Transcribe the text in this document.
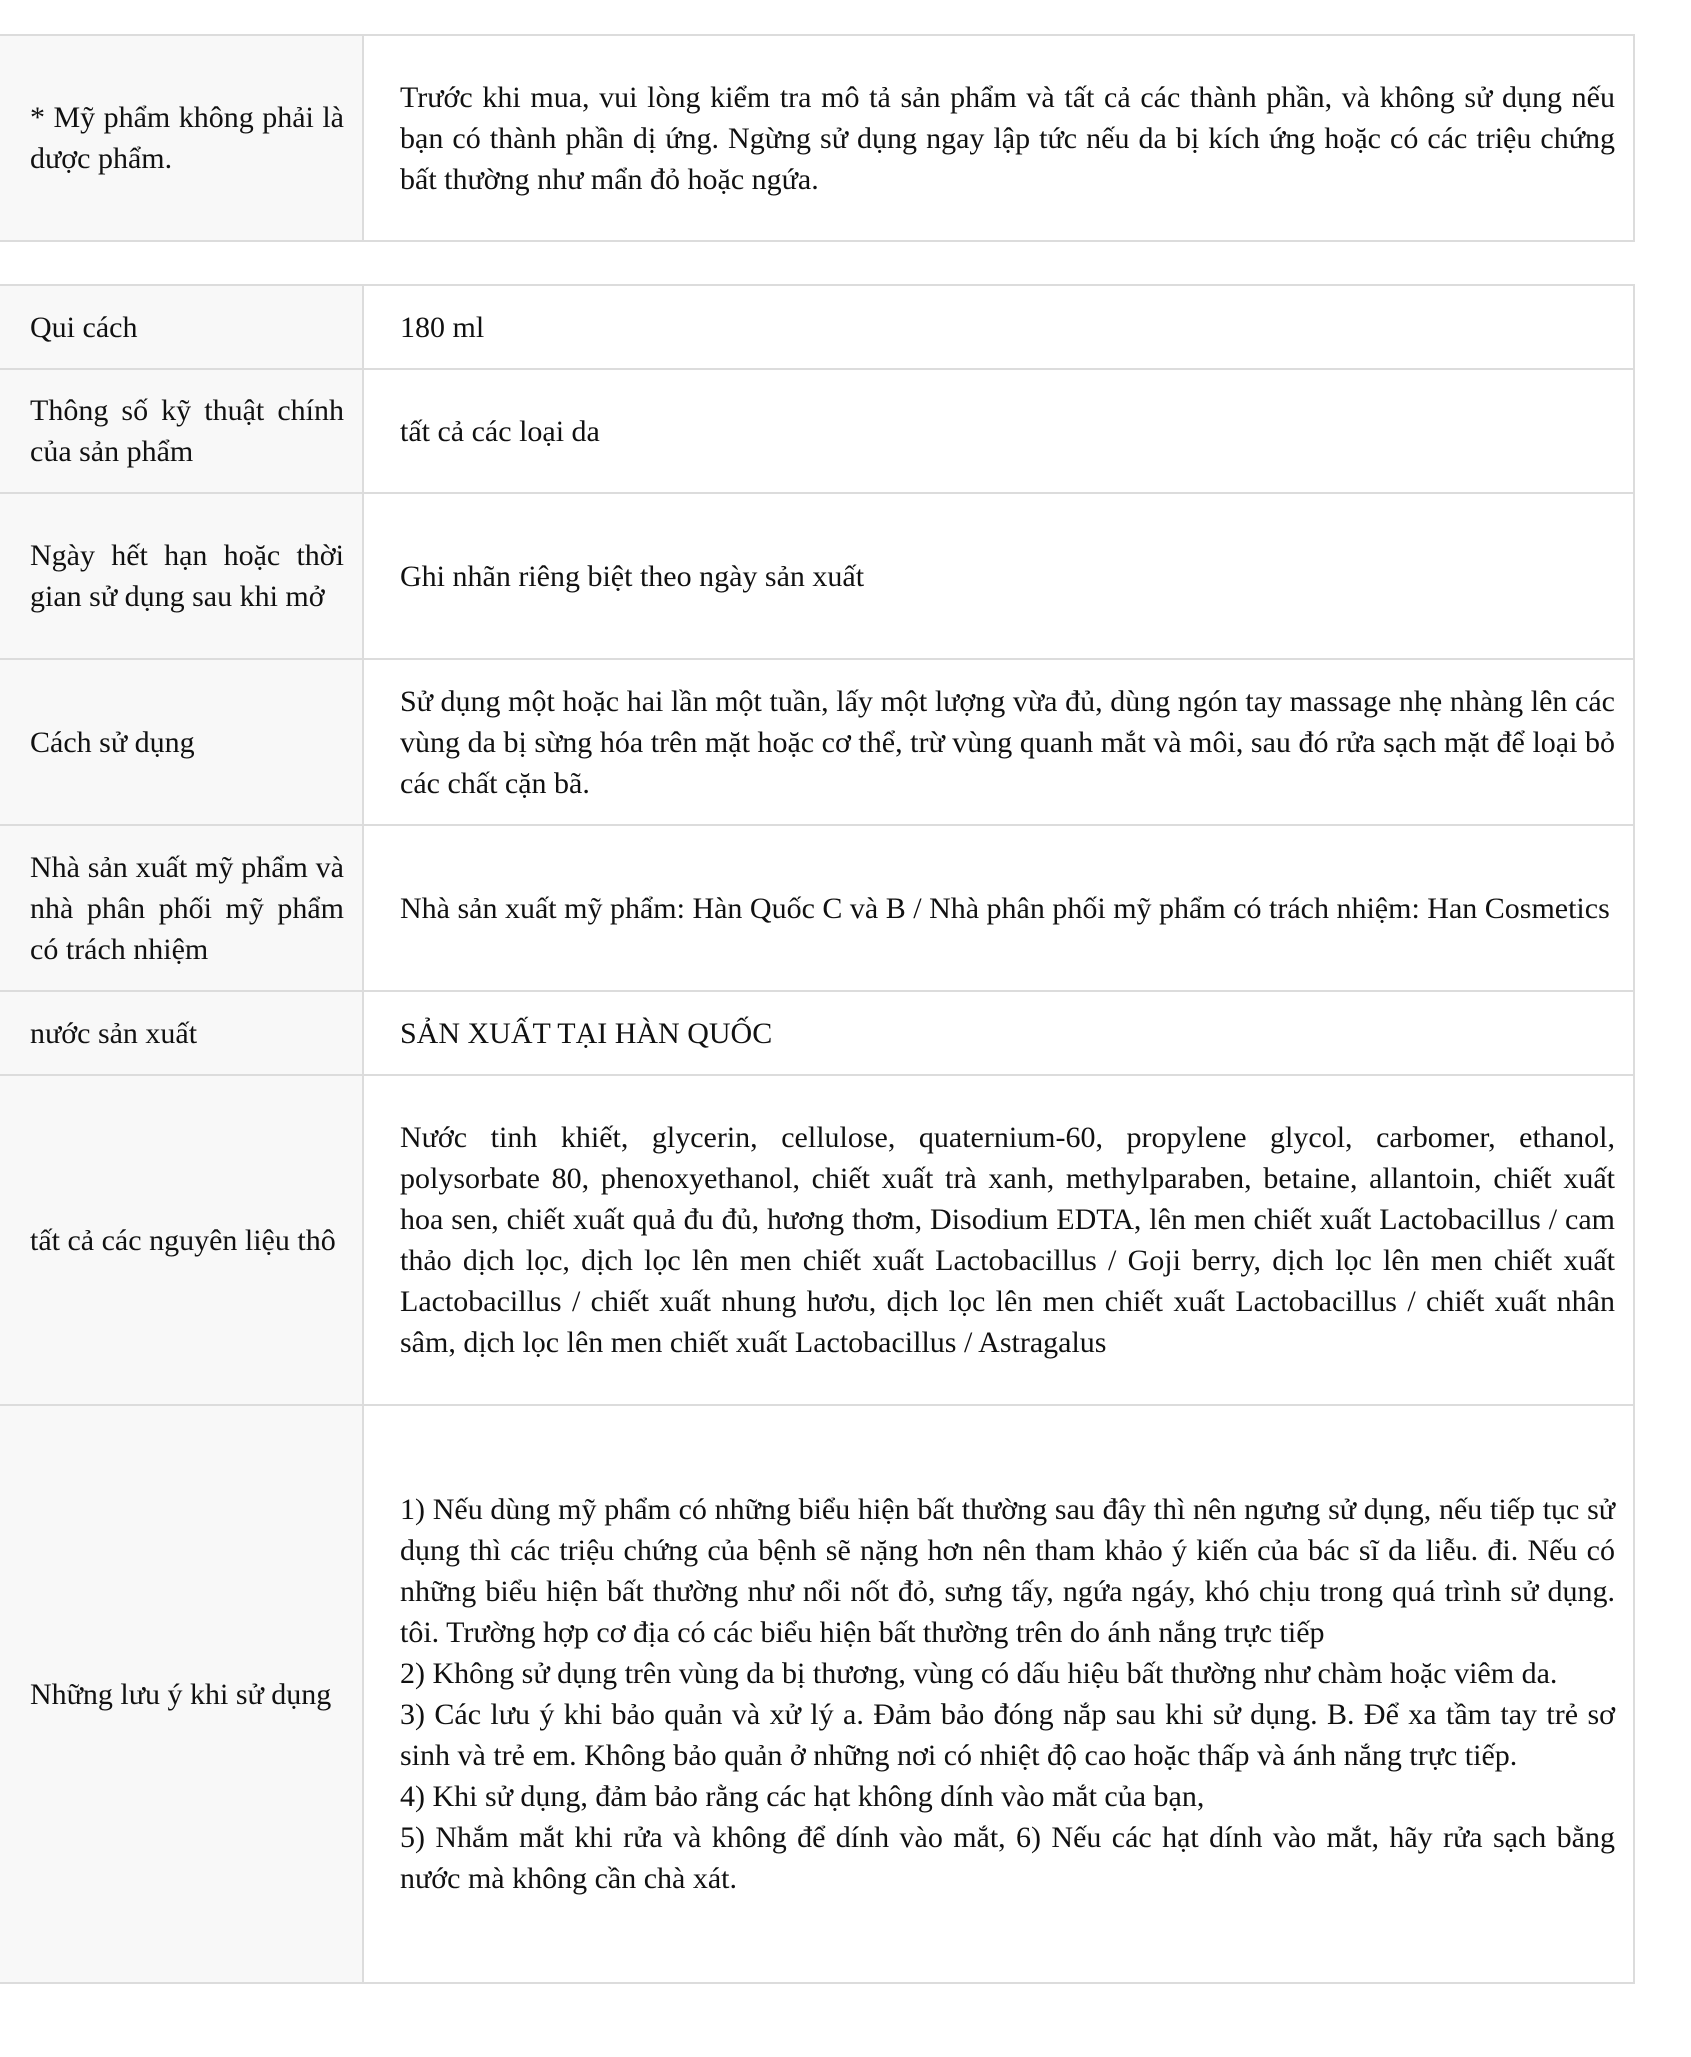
* Mỹ phẩm không phải là dược phẩm.	Trước khi mua, vui lòng kiểm tra mô tả sản phẩm và tất cả các thành phần, và không sử dụng nếu bạn có thành phần dị ứng. Ngừng sử dụng ngay lập tức nếu da bị kích ứng hoặc có các triệu chứng bất thường như mẩn đỏ hoặc ngứa.
Qui cách	180 ml
Thông số kỹ thuật chính của sản phẩm	tất cả các loại da
Ngày hết hạn hoặc thời gian sử dụng sau khi mở	Ghi nhãn riêng biệt theo ngày sản xuất
Cách sử dụng	Sử dụng một hoặc hai lần một tuần, lấy một lượng vừa đủ, dùng ngón tay massage nhẹ nhàng lên các vùng da bị sừng hóa trên mặt hoặc cơ thể, trừ vùng quanh mắt và môi, sau đó rửa sạch mặt để loại bỏ các chất cặn bã.
Nhà sản xuất mỹ phẩm và nhà phân phối mỹ phẩm có trách nhiệm	Nhà sản xuất mỹ phẩm: Hàn Quốc C và B / Nhà phân phối mỹ phẩm có trách nhiệm: Han Cosmetics
nước sản xuất	SẢN XUẤT TẠI HÀN QUỐC
tất cả các nguyên liệu thô	Nước tinh khiết, glycerin, cellulose, quaternium-60, propylene glycol, carbomer, ethanol, polysorbate 80, phenoxyethanol, chiết xuất trà xanh, methylparaben, betaine, allantoin, chiết xuất hoa sen, chiết xuất quả đu đủ, hương thơm, Disodium EDTA, lên men chiết xuất Lactobacillus / cam thảo dịch lọc, dịch lọc lên men chiết xuất Lactobacillus / Goji berry, dịch lọc lên men chiết xuất Lactobacillus / chiết xuất nhung hươu, dịch lọc lên men chiết xuất Lactobacillus / chiết xuất nhân sâm, dịch lọc lên men chiết xuất Lactobacillus / Astragalus
Những lưu ý khi sử dụng	1) Nếu dùng mỹ phẩm có những biểu hiện bất thường sau đây thì nên ngưng sử dụng, nếu tiếp tục sử dụng thì các triệu chứng của bệnh sẽ nặng hơn nên tham khảo ý kiến của bác sĩ da liễu. đi. Nếu có những biểu hiện bất thường như nổi nốt đỏ, sưng tấy, ngứa ngáy, khó chịu trong quá trình sử dụng. tôi. Trường hợp cơ địa có các biểu hiện bất thường trên do ánh nắng trực tiếp
2) Không sử dụng trên vùng da bị thương, vùng có dấu hiệu bất thường như chàm hoặc viêm da.
3) Các lưu ý khi bảo quản và xử lý a. Đảm bảo đóng nắp sau khi sử dụng. B. Để xa tầm tay trẻ sơ sinh và trẻ em. Không bảo quản ở những nơi có nhiệt độ cao hoặc thấp và ánh nắng trực tiếp.
4) Khi sử dụng, đảm bảo rằng các hạt không dính vào mắt của bạn,
5) Nhắm mắt khi rửa và không để dính vào mắt, 6) Nếu các hạt dính vào mắt, hãy rửa sạch bằng nước mà không cần chà xát.
